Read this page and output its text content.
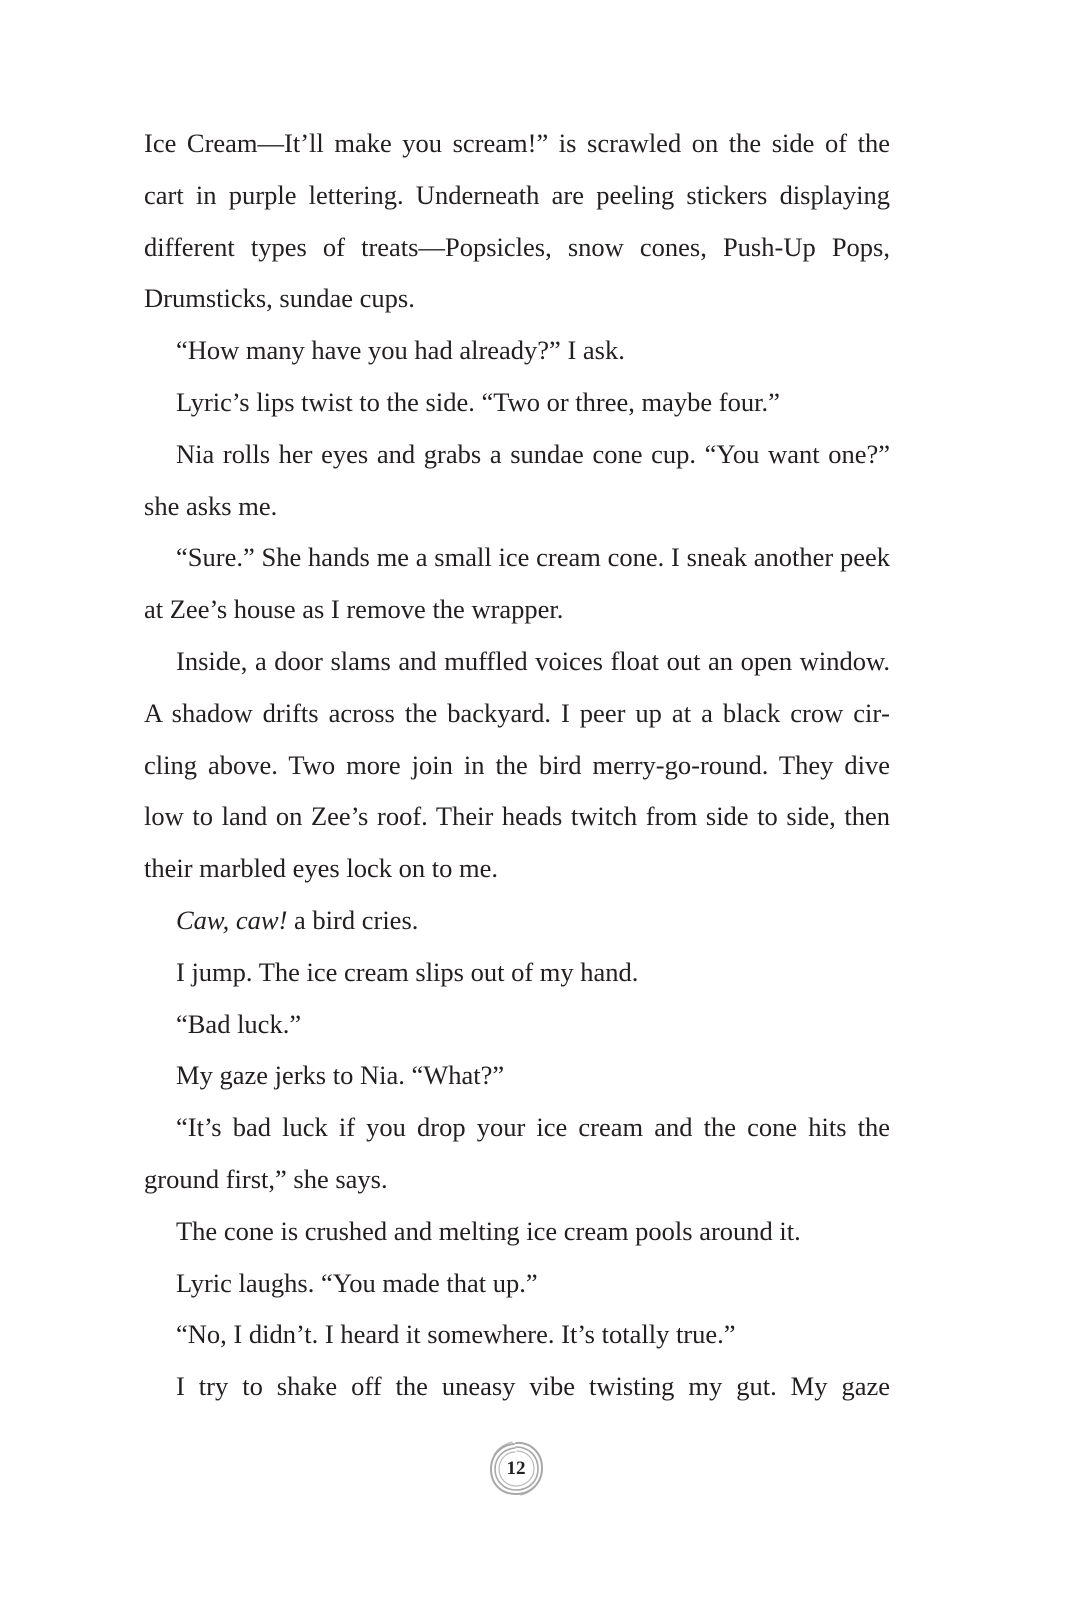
Ice Cream—It’ll make you scream!” is scrawled on the side of the cart in purple lettering. Underneath are peeling stickers displaying different types of treats—Popsicles, snow cones, Push-Up Pops, Drumsticks, sundae cups.

“How many have you had already?” I ask.

Lyric’s lips twist to the side. “Two or three, maybe four.”

Nia rolls her eyes and grabs a sundae cone cup. “You want one?” she asks me.

“Sure.” She hands me a small ice cream cone. I sneak another peek at Zee’s house as I remove the wrapper.

Inside, a door slams and muffled voices float out an open window. A shadow drifts across the backyard. I peer up at a black crow circling above. Two more join in the bird merry-go-round. They dive low to land on Zee’s roof. Their heads twitch from side to side, then their marbled eyes lock on to me.

Caw, caw! a bird cries.

I jump. The ice cream slips out of my hand.

“Bad luck.”

My gaze jerks to Nia. “What?”

“It’s bad luck if you drop your ice cream and the cone hits the ground first,” she says.

The cone is crushed and melting ice cream pools around it.

Lyric laughs. “You made that up.”

“No, I didn’t. I heard it somewhere. It’s totally true.”

I try to shake off the uneasy vibe twisting my gut. My gaze

12
